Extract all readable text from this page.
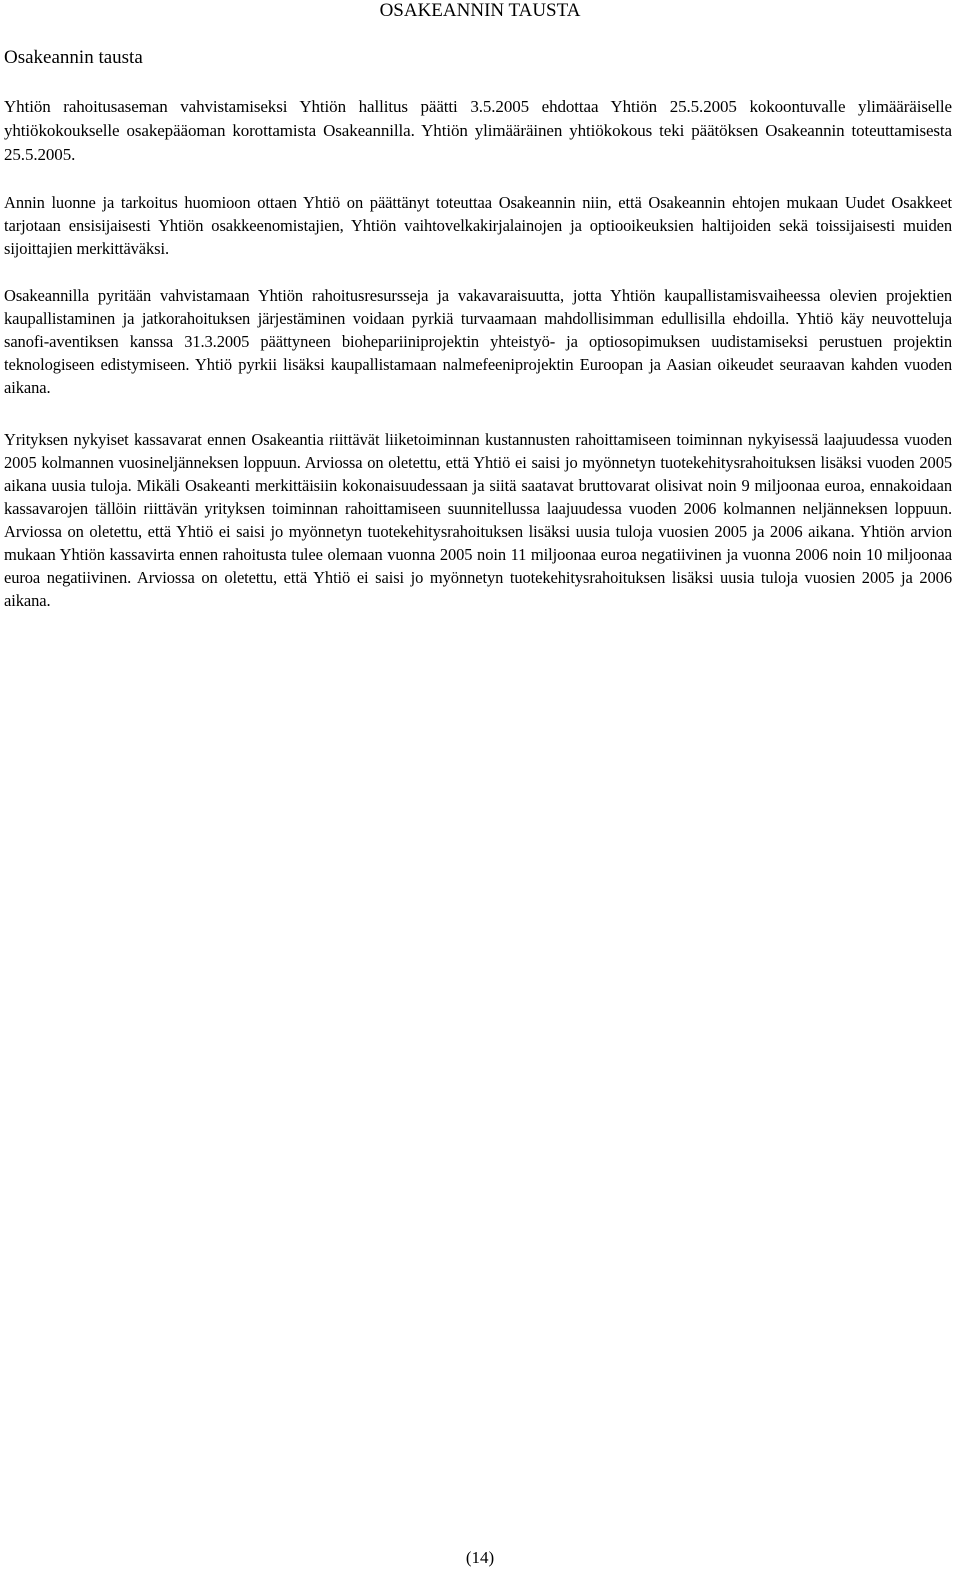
OSAKEANNIN TAUSTA
Osakeannin tausta

Yhtiön rahoitusaseman vahvistamiseksi Yhtiön hallitus päätti 3.5.2005 ehdottaa Yhtiön 25.5.2005 kokoontuvalle ylimääräiselle yhtiökokoukselle osakepääoman korottamista Osakeannilla. Yhtiön ylimääräinen yhtiökokous teki päätöksen Osakeannin toteuttamisesta 25.5.2005.

Annin luonne ja tarkoitus huomioon ottaen Yhtiö on päättänyt toteuttaa Osakeannin niin, että Osakeannin ehtojen mukaan Uudet Osakkeet tarjotaan ensisijaisesti Yhtiön osakkeenomistajien, Yhtiön vaihtovelkakirjalainojen ja optiooikeuksien haltijoiden sekä toissijaisesti muiden sijoittajien merkittäväksi.

Osakeannilla pyritään vahvistamaan Yhtiön rahoitusresursseja ja vakavaraisuutta, jotta Yhtiön kaupallistamisvaiheessa olevien projektien kaupallistaminen ja jatkorahoituksen järjestäminen voidaan pyrkiä turvaamaan mahdollisimman edullisilla ehdoilla. Yhtiö käy neuvotteluja sanofi-aventiksen kanssa 31.3.2005 päättyneen biohepariiniprojektin yhteistyö- ja optiosopimuksen uudistamiseksi perustuen projektin teknologiseen edistymiseen. Yhtiö pyrkii lisäksi kaupallistamaan nalmefeeniprojektin Euroopan ja Aasian oikeudet seuraavan kahden vuoden aikana.

Yrityksen nykyiset kassavarat ennen Osakeantia riittävät liiketoiminnan kustannusten rahoittamiseen toiminnan nykyisessä laajuudessa vuoden 2005 kolmannen vuosineljänneksen loppuun. Arviossa on oletettu, että Yhtiö ei saisi jo myönnetyn tuotekehitysrahoituksen lisäksi vuoden 2005 aikana uusia tuloja. Mikäli Osakeanti merkittäisiin kokonaisuudessaan ja siitä saatavat bruttovarat olisivat noin 9 miljoonaa euroa, ennakoidaan kassavarojen tällöin riittävän yrityksen toiminnan rahoittamiseen suunnitellussa laajuudessa vuoden 2006 kolmannen neljänneksen loppuun. Arviossa on oletettu, että Yhtiö ei saisi jo myönnetyn tuotekehitysrahoituksen lisäksi uusia tuloja vuosien 2005 ja 2006 aikana. Yhtiön arvion mukaan Yhtiön kassavirta ennen rahoitusta tulee olemaan vuonna 2005 noin 11 miljoonaa euroa negatiivinen ja vuonna 2006 noin 10 miljoonaa euroa negatiivinen. Arviossa on oletettu, että Yhtiö ei saisi jo myönnetyn tuotekehitysrahoituksen lisäksi uusia tuloja vuosien 2005 ja 2006 aikana.

(14)
